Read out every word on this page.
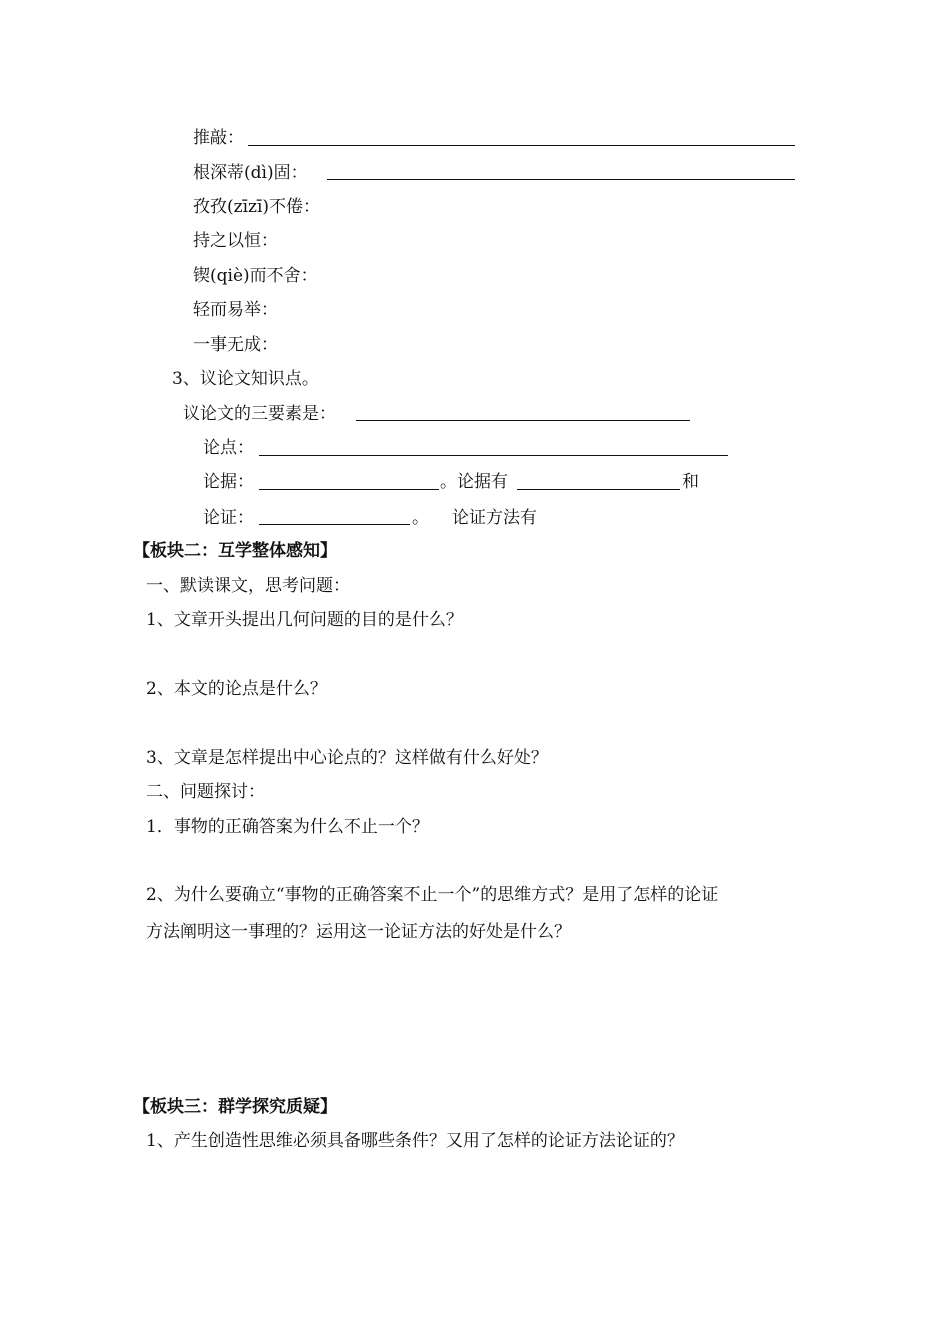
推敲：
根深蒂(dì)固：
孜孜(zīzī)不倦：
持之以恒：
锲(qiè)而不舍：
轻而易举：
一事无成：
3、议论文知识点。
议论文的三要素是：
论点：
论据：	。论据有	和
论证：	。 论证方法有
【板块二：互学整体感知】
一、默读课文，思考问题：
1、文章开头提出几何问题的目的是什么？
2、本文的论点是什么？
3、文章是怎样提出中心论点的？这样做有什么好处？
二、问题探讨：
1．事物的正确答案为什么不止一个？
2、为什么要确立“事物的正确答案不止一个”的思维方式？是用了怎样的论证
方法阐明这一事理的？运用这一论证方法的好处是什么？
【板块三：群学探究质疑】
1、产生创造性思维必须具备哪些条件？又用了怎样的论证方法论证的？
